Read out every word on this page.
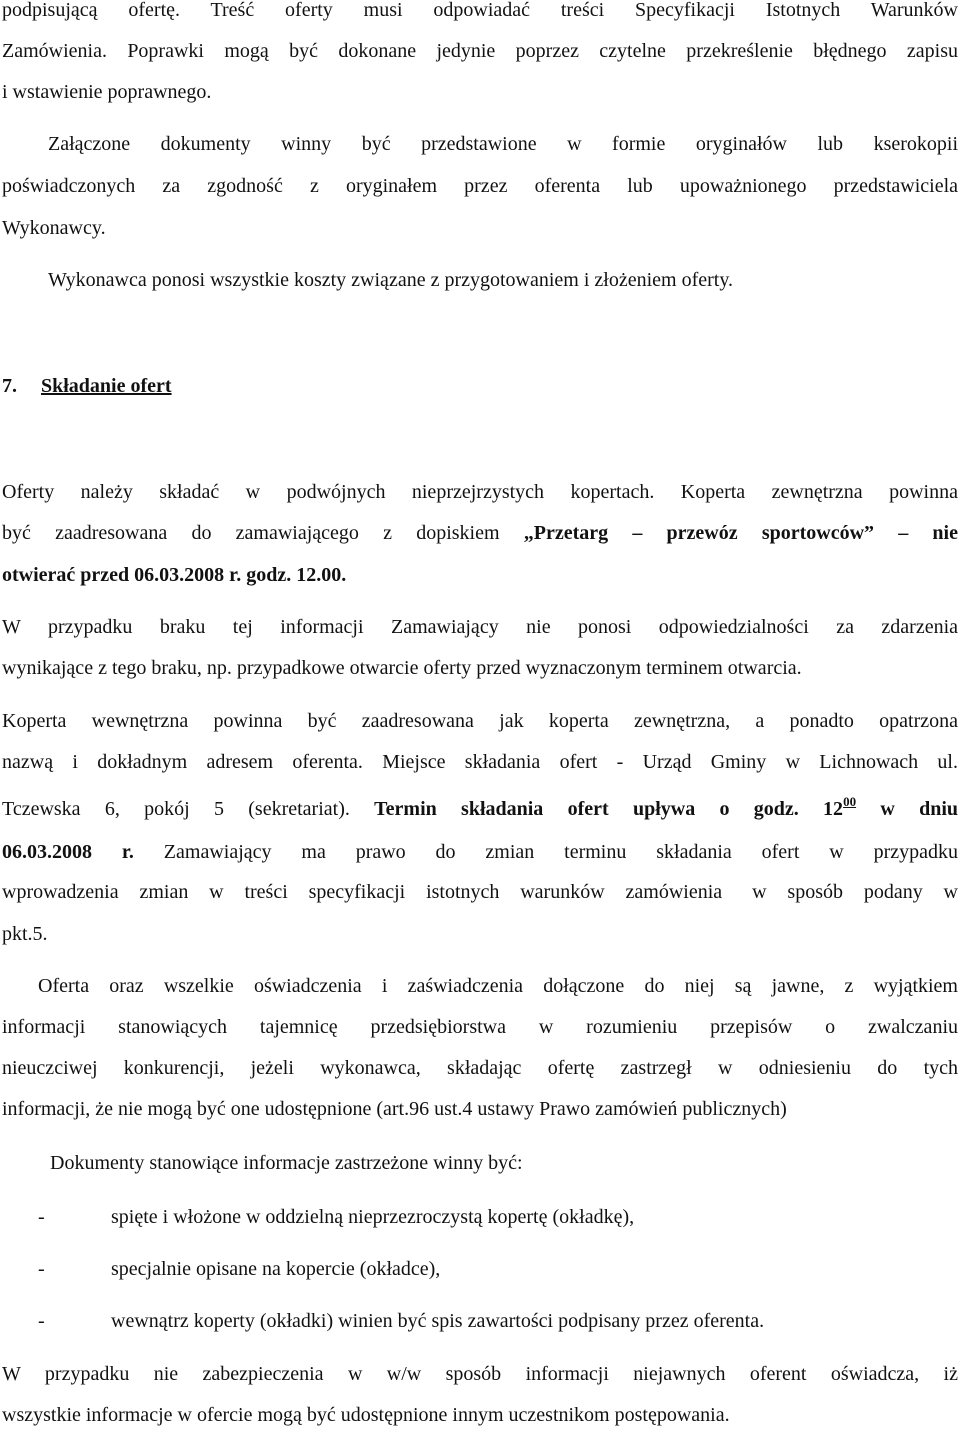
podpisującą ofertę. Treść oferty musi odpowiadać treści Specyfikacji Istotnych Warunków
Zamówienia. Poprawki mogą być dokonane jedynie poprzez czytelne przekreślenie błędnego zapisu
i wstawienie poprawnego.
Załączone dokumenty winny być przedstawione w formie oryginałów lub kserokopii
poświadczonych za zgodność z oryginałem przez oferenta lub upoważnionego przedstawiciela
Wykonawcy.
Wykonawca ponosi wszystkie koszty związane z przygotowaniem i złożeniem oferty.
7. Składanie ofert
Oferty należy składać w podwójnych nieprzejrzystych kopertach. Koperta zewnętrzna powinna
być zaadresowana do zamawiającego z dopiskiem „Przetarg – przewóz sportowców” – nie
otwierać przed 06.03.2008 r. godz. 12.00.
W przypadku braku tej informacji Zamawiający nie ponosi odpowiedzialności za zdarzenia
wynikające z tego braku, np. przypadkowe otwarcie oferty przed wyznaczonym terminem otwarcia.
Koperta wewnętrzna powinna być zaadresowana jak koperta zewnętrzna, a ponadto opatrzona
nazwą i dokładnym adresem oferenta. Miejsce składania ofert - Urząd Gminy w Lichnowach ul.
Tczewska 6, pokój 5 (sekretariat). Termin składania ofert upływa o godz. $12^{00}$ w dniu
06.03.2008 r. Zamawiający ma prawo do zmian terminu składania ofert w przypadku
wprowadzenia zmian w treści specyfikacji istotnych warunków zamówienia w sposób podany w
pkt.5.
Oferta oraz wszelkie oświadczenia i zaświadczenia dołączone do niej są jawne, z wyjątkiem
informacji stanowiących tajemnicę przedsiębiorstwa w rozumieniu przepisów o zwalczaniu
nieuczciwej konkurencji, jeżeli wykonawca, składając ofertę zastrzegł w odniesieniu do tych
informacji, że nie mogą być one udostępnione (art.96 ust.4 ustawy Prawo zamówień publicznych)
Dokumenty stanowiące informacje zastrzeżone winny być:
-	spięte i włożone w oddzielną nieprzezroczystą kopertę (okładkę),
-	specjalnie opisane na kopercie (okładce),
-	wewnątrz koperty (okładki) winien być spis zawartości podpisany przez oferenta.
W przypadku nie zabezpieczenia w w/w sposób informacji niejawnych oferent oświadcza, iż
wszystkie informacje w ofercie mogą być udostępnione innym uczestnikom postępowania.
